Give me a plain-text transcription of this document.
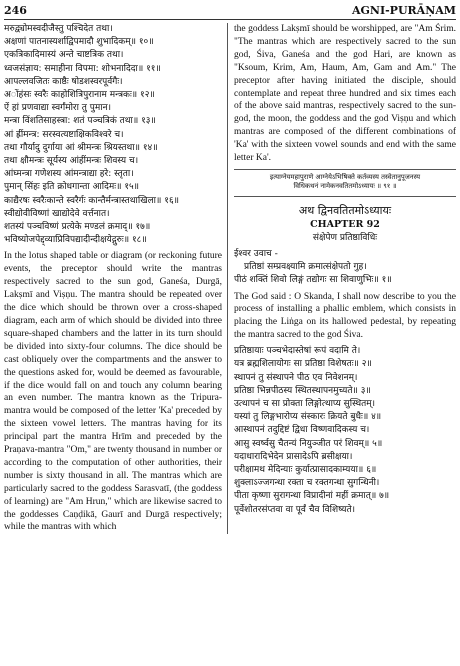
246	AGNI-PURĀṆAM
मरुद्व्योमस्वदीजैस्तु पश्चिदेत तथा।
अक्षणां पातनास्यर्शाद्विपमादौ शुभादिकम्॥ १०॥
एकत्रिकादिमास्यं अन्ते चाष्टत्रिक तथा।
ध्वजसंज्ञाय: समाहीना विपमा: शोभनादिदा॥ ११॥
आपल्लवजितः काष्ठैः षोडशस्वरपूर्वगैः।
अोंहंसः स्वरैः काहोशित्रिपुरानाम मन्त्रकः॥ १२॥
ऐं हां प्रणवाद्या स्वर्गंमोरा तु पुमान।
मन्त्रा विंशतिसाहस्त्रा: शतं पञ्चत्रिकं तथा॥ १३॥
आं ह्रींमन्त्र: सरस्वत्यष्टाक्षिकविश्वरे च।
तथा गौर्यादु दुर्गाया आं श्रीमन्त्रः श्रियस्तथा॥ १४॥
तथा क्षौमन्त्रः सूर्यस्य आंहींमन्त्रः शिवस्य च।
आंघ्मन्त्रा गणेशस्य आंमन्त्राद्या हरे: स्तृता।
पुमान् सिंहः इति क्रोधगान्ता आदिमः॥ १५॥
काद्यैरषः स्वरैःकान्ते स्वरैर्गः कान्तैर्मन्त्रास्तथाखिला॥ १६॥
स्वीद्योवीविष्णां खाद्योदेवे वर्त्तनात।
शतस्यं पञ्चविष्णं प्रत्येके मण्डलं क्रमाद्॥ १७॥
भविष्योजपेद्द्व्याप्रिविपद्यादीन्दीक्षयेद्गुरुः॥ १८॥

In the lotus shaped table or diagram (or reckoning future events, the preceptor should write the mantras respectively sacred to the sun god, Ganeśa, Durgā, Lakṣmī and Viṣṇu. The mantra should be repeated over the dice which should be thrown over a cross-shaped diagram, each arm of which should be divided into three square-shaped chambers and the latter in its turn should be divided into sixty-four columns. The dice should be cast obliquely over the compartments and the answer to the questions asked for, would be deemed as favourable, if the dice would fall on and touch any column bearing an even number. The mantra known as the Tripura-mantra would be composed of the letter 'Ka' preceded by the sixteen vowel letters. The mantras having for its principal part the mantra Hrīm and preceded by the Praṇava-mantra "Om," are twenty thousand in number or according to the computation of other authorities, their number is sixty thousand in all. The mantras which are particularly sacred to the goddess Sarasvatī, (the goddess of learning) are "Am Hrun," which are likewise sacred to the goddesses Caṇḍikā, Gaurī and Durgā respectively; while the mantras with which

the goddess Lakṣmī should be worshipped, are "Am Śrim. "The mantras which are respectively sacred to the sun god, Śiva, Ganeśa and the god Hari, are known as "Ksoum, Krim, Am, Haum, Am, Gam and Am." The preceptor after having initiated the disciple, should contemplate and repeat three hundred and six times each of the above said mantras, respectively sacred to the sun-god, the moon, the goddess and the god Viṣṇu and which mantras are composed of the different combinations of 'Ka' with the sixteen vowel sounds and end with the same letter Ka'.

इत्याग्नेयमहापुराणे आग्नेयेऽभिषिक्ते कर्तव्यस्य तस्वेतानुपूजनस्य
विधिकथनं नामेकनवतितमोऽध्यायः ॥ ९१ ॥
अथ द्विनवतितमोऽध्यायः
CHAPTER 92
संक्षेपेण प्रतिष्ठाविधिः
ईश्वर उवाच -
प्रतिष्ठां सम्प्रवक्ष्यामि क्रमात्संक्षेपतो गुह।
पीठं शक्तिं शिवो लिङ्गं तद्योगः सा शिवाणुभिः॥ १॥

The God said : O Skanda, I shall now describe to you the process of installing a phallic emblem, which consists in placing the Liṅga on its hallowed pedestal, by repeating the mantra sacred to the god Śiva.

प्रतिष्ठायाः पञ्चभेदास्तेषां रूपं वदामि ते।
यत्र ब्रह्मशिलायोगः सा प्रतिष्ठा विशेषतः॥ २॥
स्थापनं तु संस्थापने पीठ एव निवेशनम्।
प्रतिष्ठा भिन्नपीठस्य स्थितस्थापनमुच्यते॥ ३॥
उत्थापनं च सा प्रोक्ता लिङ्गोत्थाप्य सुस्थितम्।
यस्यां तु लिङ्गभारोप्य संस्कारः क्रियते बुधैः॥ ४॥
आस्थापनं तदुद्दिष्टं द्विधा विष्णवादिकस्य च।
आसु स्वर्ष्वसु चैतन्यं नियुञ्जीत परं शिवम्॥ ५॥
यदाधारादिभेदेन प्रासादेऽपि ब्रसीक्षया।
परीक्षामथ मेदिन्याः कुर्यात्प्रासादकाम्यया॥ ६॥
शुक्लाऽज्जगन्धा रक्ता च रक्तगन्धा सुगन्धिनी।
पीता कृष्णा सुरागन्धा विप्रादीनां महीं क्रमात्॥ ७॥
पूर्वेशोतरसंप्तवा वा पूर्वं चैव विशिष्यते।
